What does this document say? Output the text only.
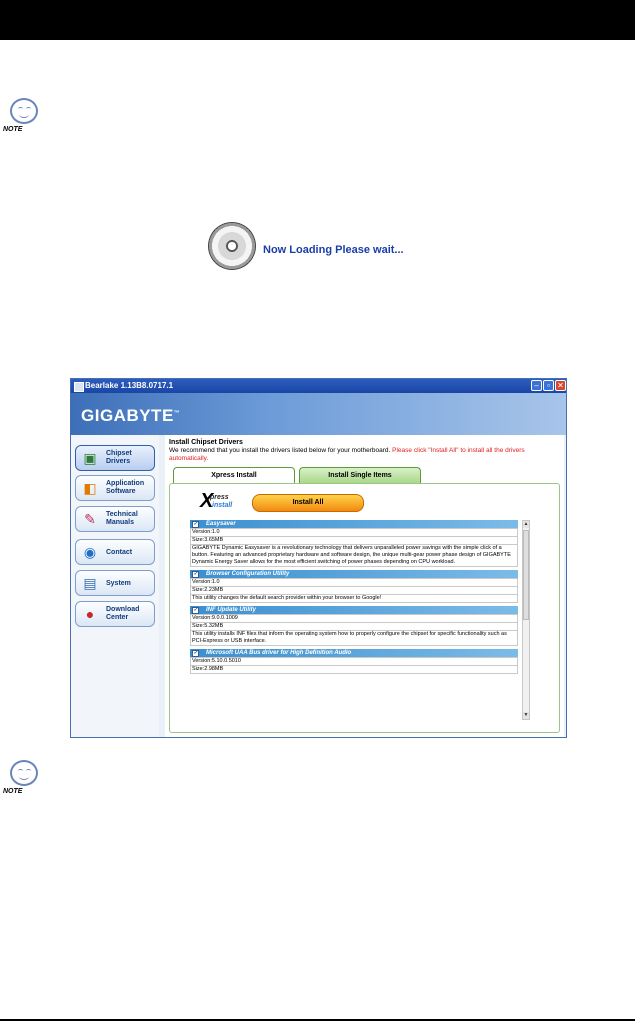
NOTE
Now Loading Please wait...
Bearlake 1.13B8.0717.1	–	▫ ✕
GIGABYTE™
▣	Chipset Drivers
◧	Application Software
✎	Technical Manuals
◉	Contact
▤	System
●	Download Center
Install Chipset Drivers
We recommend that you install the drivers listed below for your motherboard. Please click "Install All" to install all the drivers automatically.
Xpress Install	Install Single Items
X
press
install	Install All
✓ Easysaver
Version:1.0
Size:3.65MB
GIGABYTE Dynamic Easysaver is a revolutionary technology that delivers unparalleled power savings with the simple click of a button. Featuring an advanced proprietary hardware and software design, the unique multi-gear power phase design of GIGABYTE Dynamic Energy Saver allows for the most efficient switching of power phases depending on CPU workload.
✓ Browser Configuration Utility
Version:1.0
Size:2.23MB
This utility changes the default search provider within your browser to Google!
✓ INF Update Utility
Version:9.0.0.1009
Size:5.32MB
This utility installs INF files that inform the operating system how to properly configure the chipset for specific functionality such as PCI-Express or USB interface.
✓ Microsoft UAA Bus driver for High Definition Audio
Version:5.10.0.5010
Size:2.98MB
▲
▼
NOTE
